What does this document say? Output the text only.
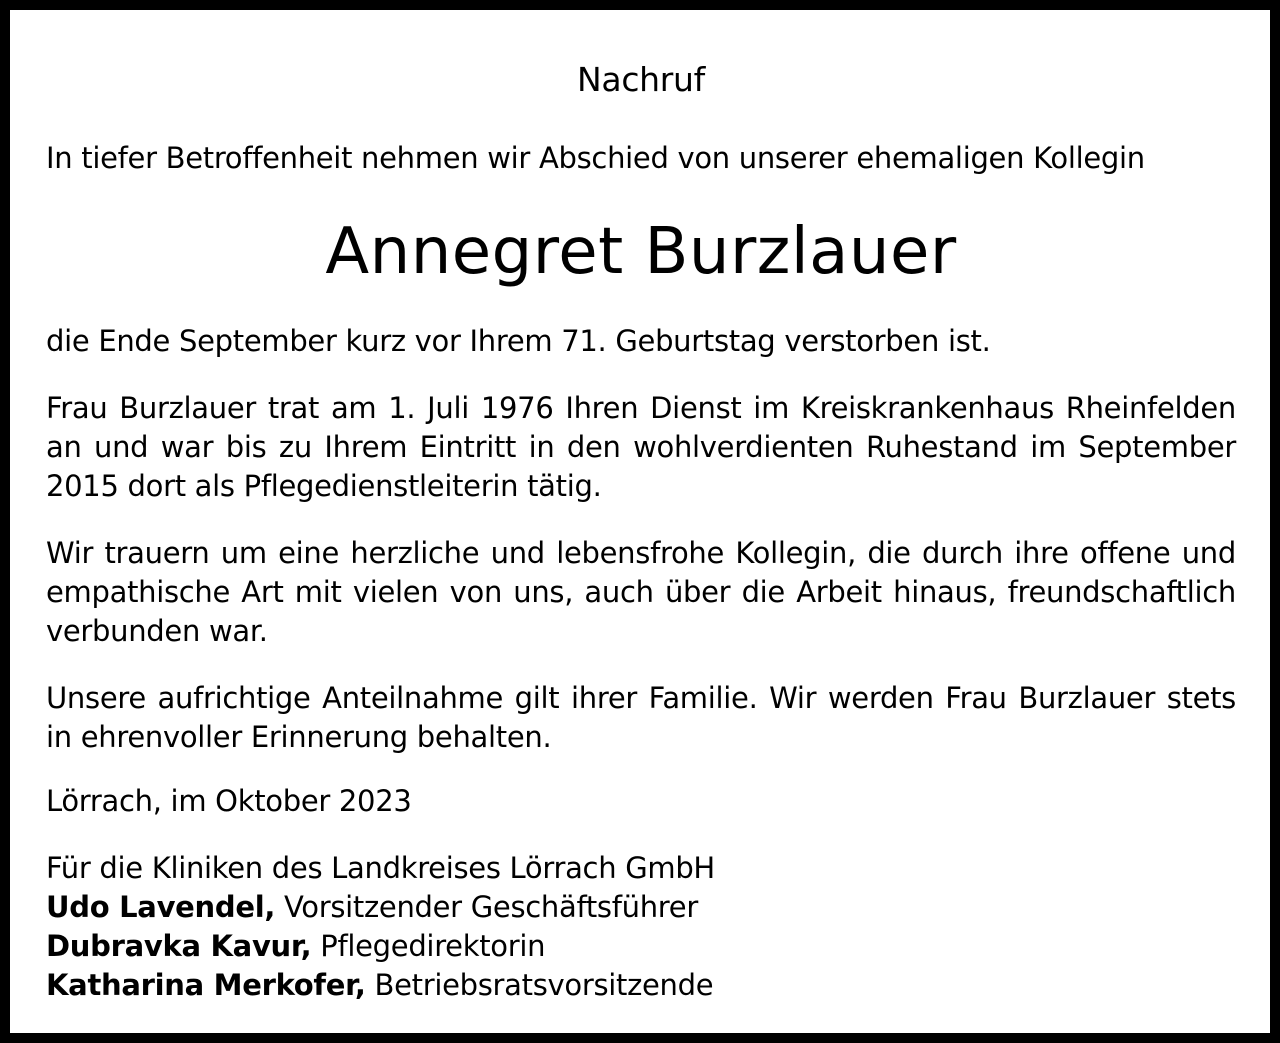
Nachruf
In tiefer Betroffenheit nehmen wir Abschied von unserer ehemaligen Kollegin
Annegret Burzlauer
die Ende September kurz vor Ihrem 71. Geburtstag verstorben ist.
Frau Burzlauer trat am 1. Juli 1976 Ihren Dienst im Kreiskrankenhaus Rheinfelden an und war bis zu Ihrem Eintritt in den wohlverdienten Ruhestand im September 2015 dort als Pflegedienstleiterin tätig.
Wir trauern um eine herzliche und lebensfrohe Kollegin, die durch ihre offene und empathische Art mit vielen von uns, auch über die Arbeit hinaus, freundschaftlich verbunden war.
Unsere aufrichtige Anteilnahme gilt ihrer Familie. Wir werden Frau Burzlauer stets in ehrenvoller Erinnerung behalten.
Lörrach, im Oktober 2023
Für die Kliniken des Landkreises Lörrach GmbH
Udo Lavendel, Vorsitzender Geschäftsführer
Dubravka Kavur, Pflegedirektorin
Katharina Merkofer, Betriebsratsvorsitzende
